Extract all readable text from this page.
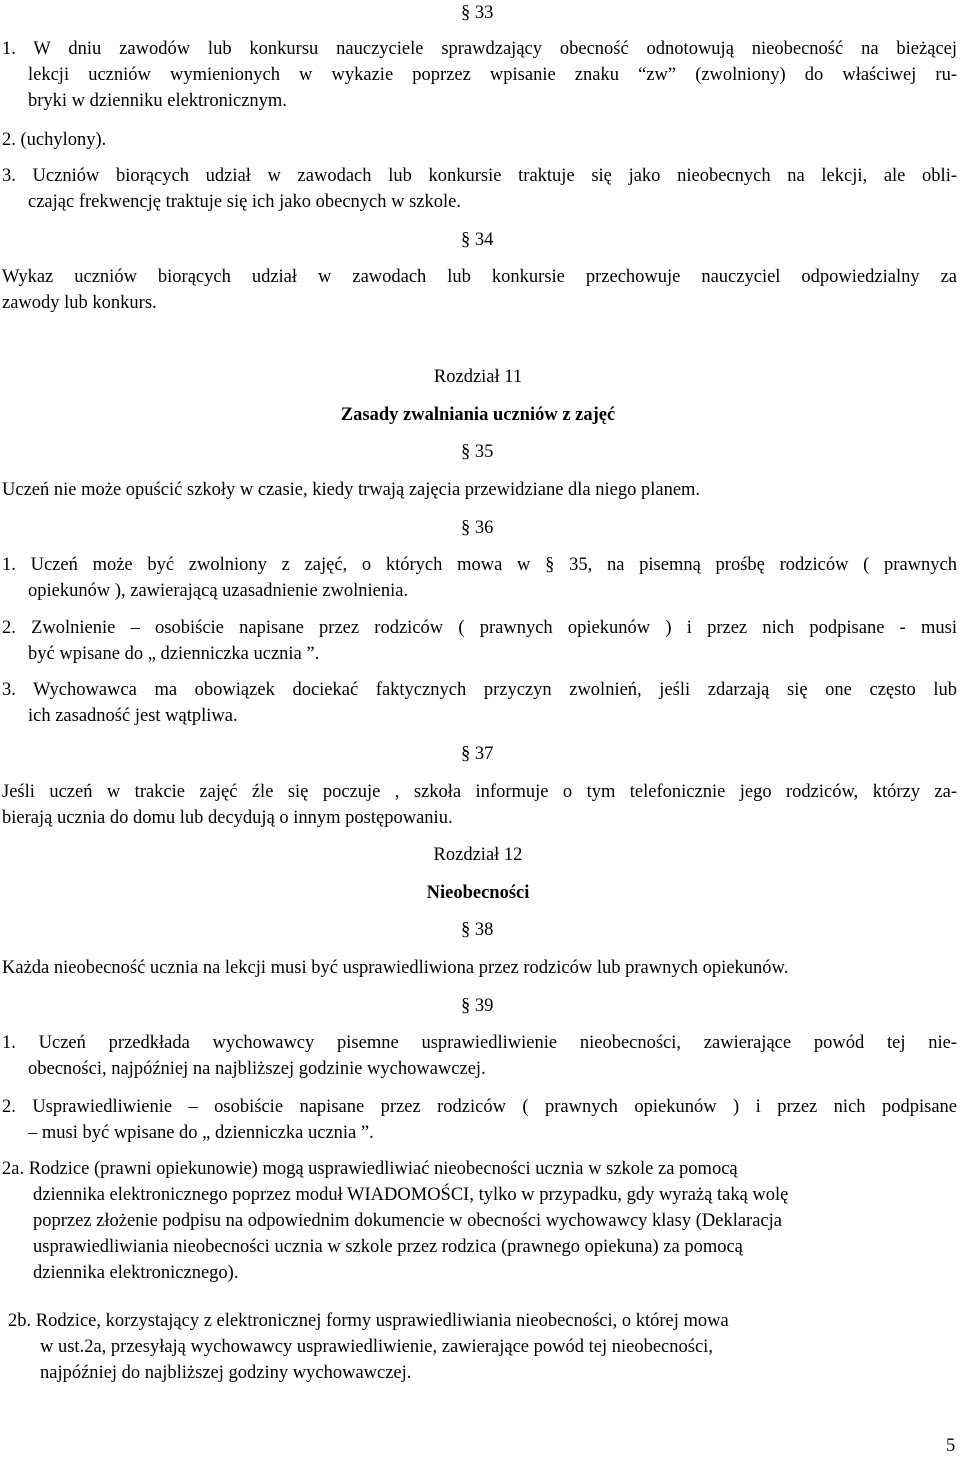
§ 33
1. W dniu zawodów lub konkursu nauczyciele sprawdzający obecność odnotowują nieobecność na bieżącej
lekcji uczniów wymienionych w wykazie poprzez wpisanie znaku “zw” (zwolniony) do właściwej ru-
bryki w dzienniku elektronicznym.
2. (uchylony).
3. Uczniów biorących udział w zawodach lub konkursie traktuje się jako nieobecnych na lekcji, ale obli-
czając frekwencję traktuje się ich jako obecnych w szkole.
§ 34
Wykaz uczniów biorących udział w zawodach lub konkursie przechowuje nauczyciel odpowiedzialny za
zawody lub konkurs.
Rozdział 11
Zasady zwalniania uczniów z zajęć
§ 35
Uczeń nie może opuścić szkoły w czasie, kiedy trwają zajęcia przewidziane dla niego planem.
§ 36
1. Uczeń może być zwolniony z zajęć, o których mowa w § 35, na pisemną prośbę rodziców ( prawnych
opiekunów ), zawierającą uzasadnienie zwolnienia.
2. Zwolnienie – osobiście napisane przez rodziców ( prawnych opiekunów ) i przez nich podpisane - musi
być wpisane do „ dzienniczka ucznia ”.
3. Wychowawca ma obowiązek dociekać faktycznych przyczyn zwolnień, jeśli zdarzają się one często lub
ich zasadność jest wątpliwa.
§ 37
Jeśli uczeń w trakcie zajęć źle się poczuje , szkoła informuje o tym telefonicznie jego rodziców, którzy za-
bierają ucznia do domu lub decydują o innym postępowaniu.
Rozdział 12
Nieobecności
§ 38
Każda nieobecność ucznia na lekcji musi być usprawiedliwiona przez rodziców lub prawnych opiekunów.
§ 39
1. Uczeń przedkłada wychowawcy pisemne usprawiedliwienie nieobecności, zawierające powód tej nie-
obecności, najpóźniej na najbliższej godzinie wychowawczej.
2. Usprawiedliwienie – osobiście napisane przez rodziców ( prawnych opiekunów ) i przez nich podpisane
– musi być wpisane do „ dzienniczka ucznia ”.
2a. Rodzice (prawni opiekunowie) mogą usprawiedliwiać nieobecności ucznia w szkole za pomocą
dziennika elektronicznego poprzez moduł WIADOMOŚCI, tylko w przypadku, gdy wyrażą taką wolę
poprzez złożenie podpisu na odpowiednim dokumencie w obecności wychowawcy klasy (Deklaracja
usprawiedliwiania nieobecności ucznia w szkole przez rodzica (prawnego opiekuna) za pomocą
dziennika elektronicznego).
2b. Rodzice, korzystający z elektronicznej formy usprawiedliwiania nieobecności, o której mowa
w ust.2a, przesyłają wychowawcy usprawiedliwienie, zawierające powód tej nieobecności,
najpóźniej do najbliższej godziny wychowawczej.
5
